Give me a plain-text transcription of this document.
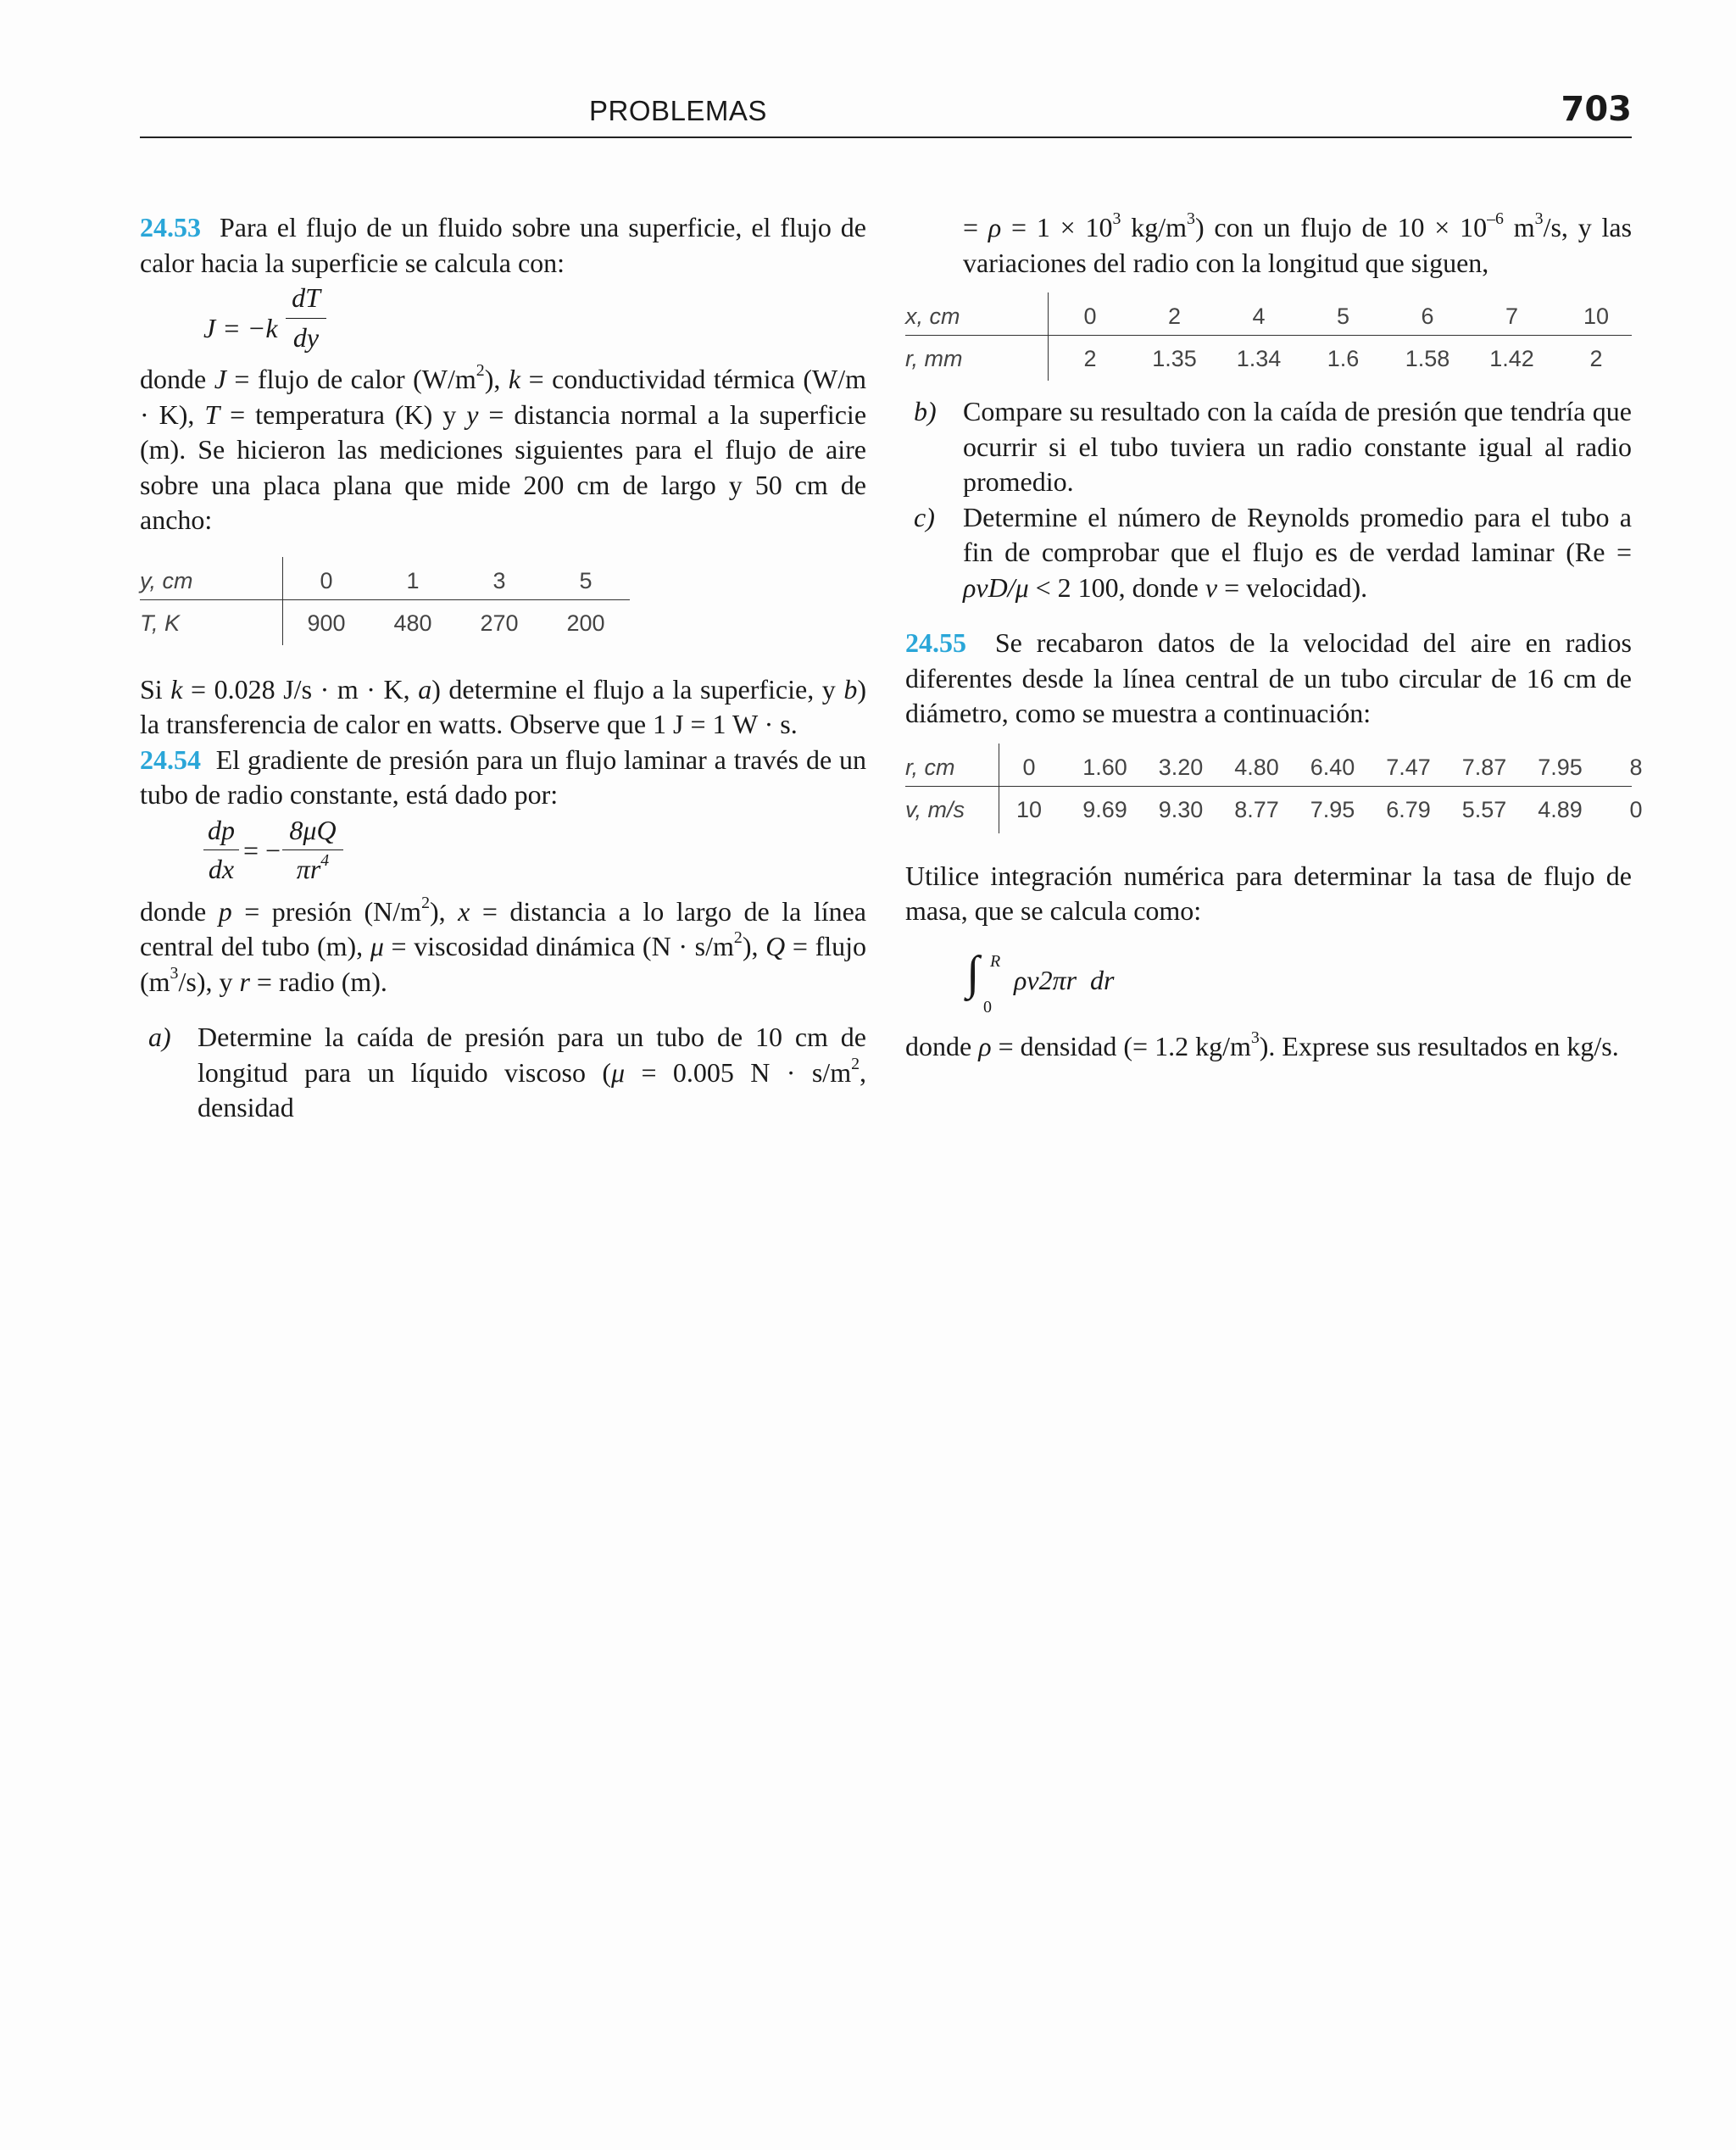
PROBLEMAS	703

24.53 Para el flujo de un fluido sobre una superficie, el flujo de calor hacia la superficie se calcula con:

J = −k
dT
dy

donde J = flujo de calor $(W/m^2)$, k = conductividad térmica (W/m · K), T = temperatura (K) y y = distancia normal a la superficie (m). Se hicieron las mediciones siguientes para el flujo de aire sobre una placa plana que mide 200 cm de largo y 50 cm de ancho:

y, cm	0	1	3	5
T, K	900	480	270	200

Si k = 0.028 J/s · m · K, a) determine el flujo a la superficie, y b) la transferencia de calor en watts. Observe que 1 J = 1 W · s.

24.54 El gradiente de presión para un flujo laminar a través de un tubo de radio constante, está dado por:

dp
dx
= −
8μQ
$\pi r^4$

donde p = presión $(N/m^2)$, x = distancia a lo largo de la línea central del tubo (m), μ = viscosidad dinámica $(N \cdot s/m^2)$, Q = flujo $(m^3/s)$, y r = radio (m).

a) Determine la caída de presión para un tubo de 10 cm de longitud para un líquido viscoso (μ = 0.005 $N \cdot s/m^2$, densidad

= $\rho = 1 \times 10^3$ $kg/m^3$) con un flujo de $10 \times 10^{-6}$ $m^3/s$, y las variaciones del radio con la longitud que siguen,

x, cm	0	2	4	5	6	7	10
r, mm	2	1.35	1.34	1.6	1.58	1.42	2
b) Compare su resultado con la caída de presión que tendría que ocurrir si el tubo tuviera un radio constante igual al radio promedio.

c) Determine el número de Reynolds promedio para el tubo a fin de comprobar que el flujo es de verdad laminar (Re = ρvD/μ < 2 100, donde v = velocidad).

24.55 Se recabaron datos de la velocidad del aire en radios diferentes desde la línea central de un tubo circular de 16 cm de diámetro, como se muestra a continuación:

r, cm	0	1.60	3.20	4.80	6.40	7.47	7.87	7.95	8
v, m/s	10	9.69	9.30	8.77	7.95	6.79	5.57	4.89	0

Utilice integración numérica para determinar la tasa de flujo de masa, que se calcula como:

∫ R
0
ρv2πr  dr

donde ρ = densidad (= 1.2 $kg/m^3$). Exprese sus resultados en kg/s.
